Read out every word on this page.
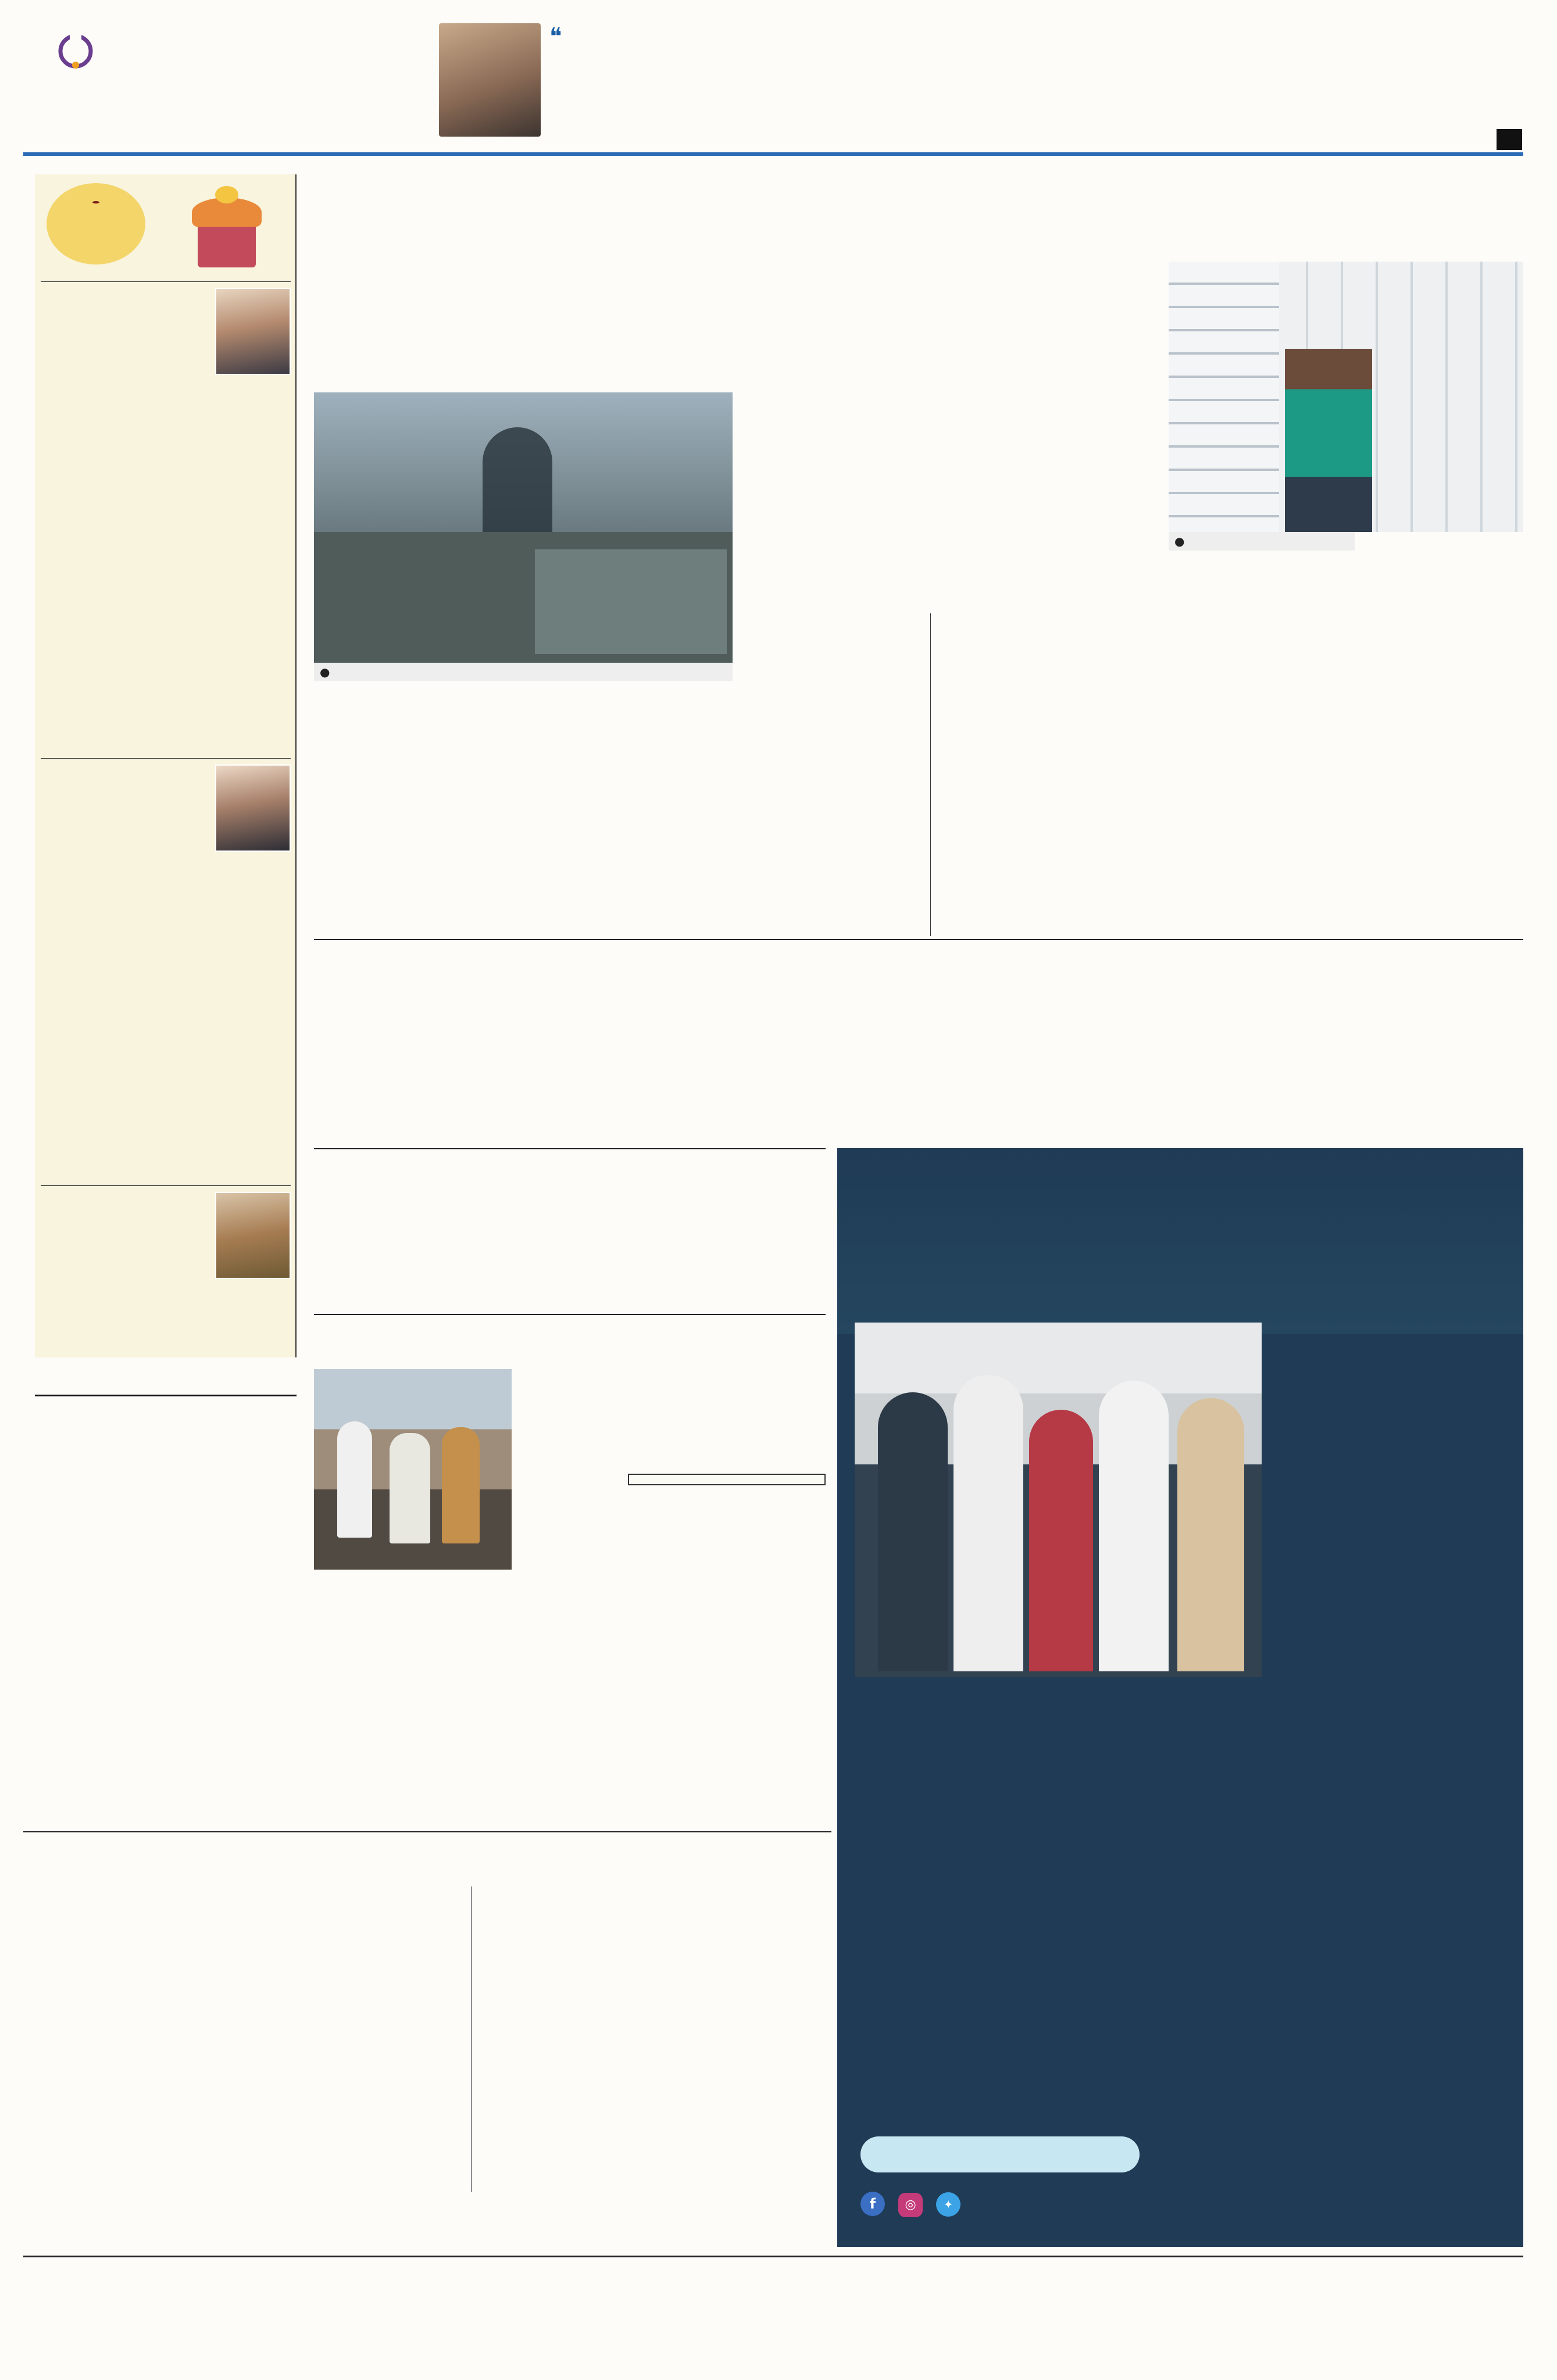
❝

●

●

f ◎ ✦
